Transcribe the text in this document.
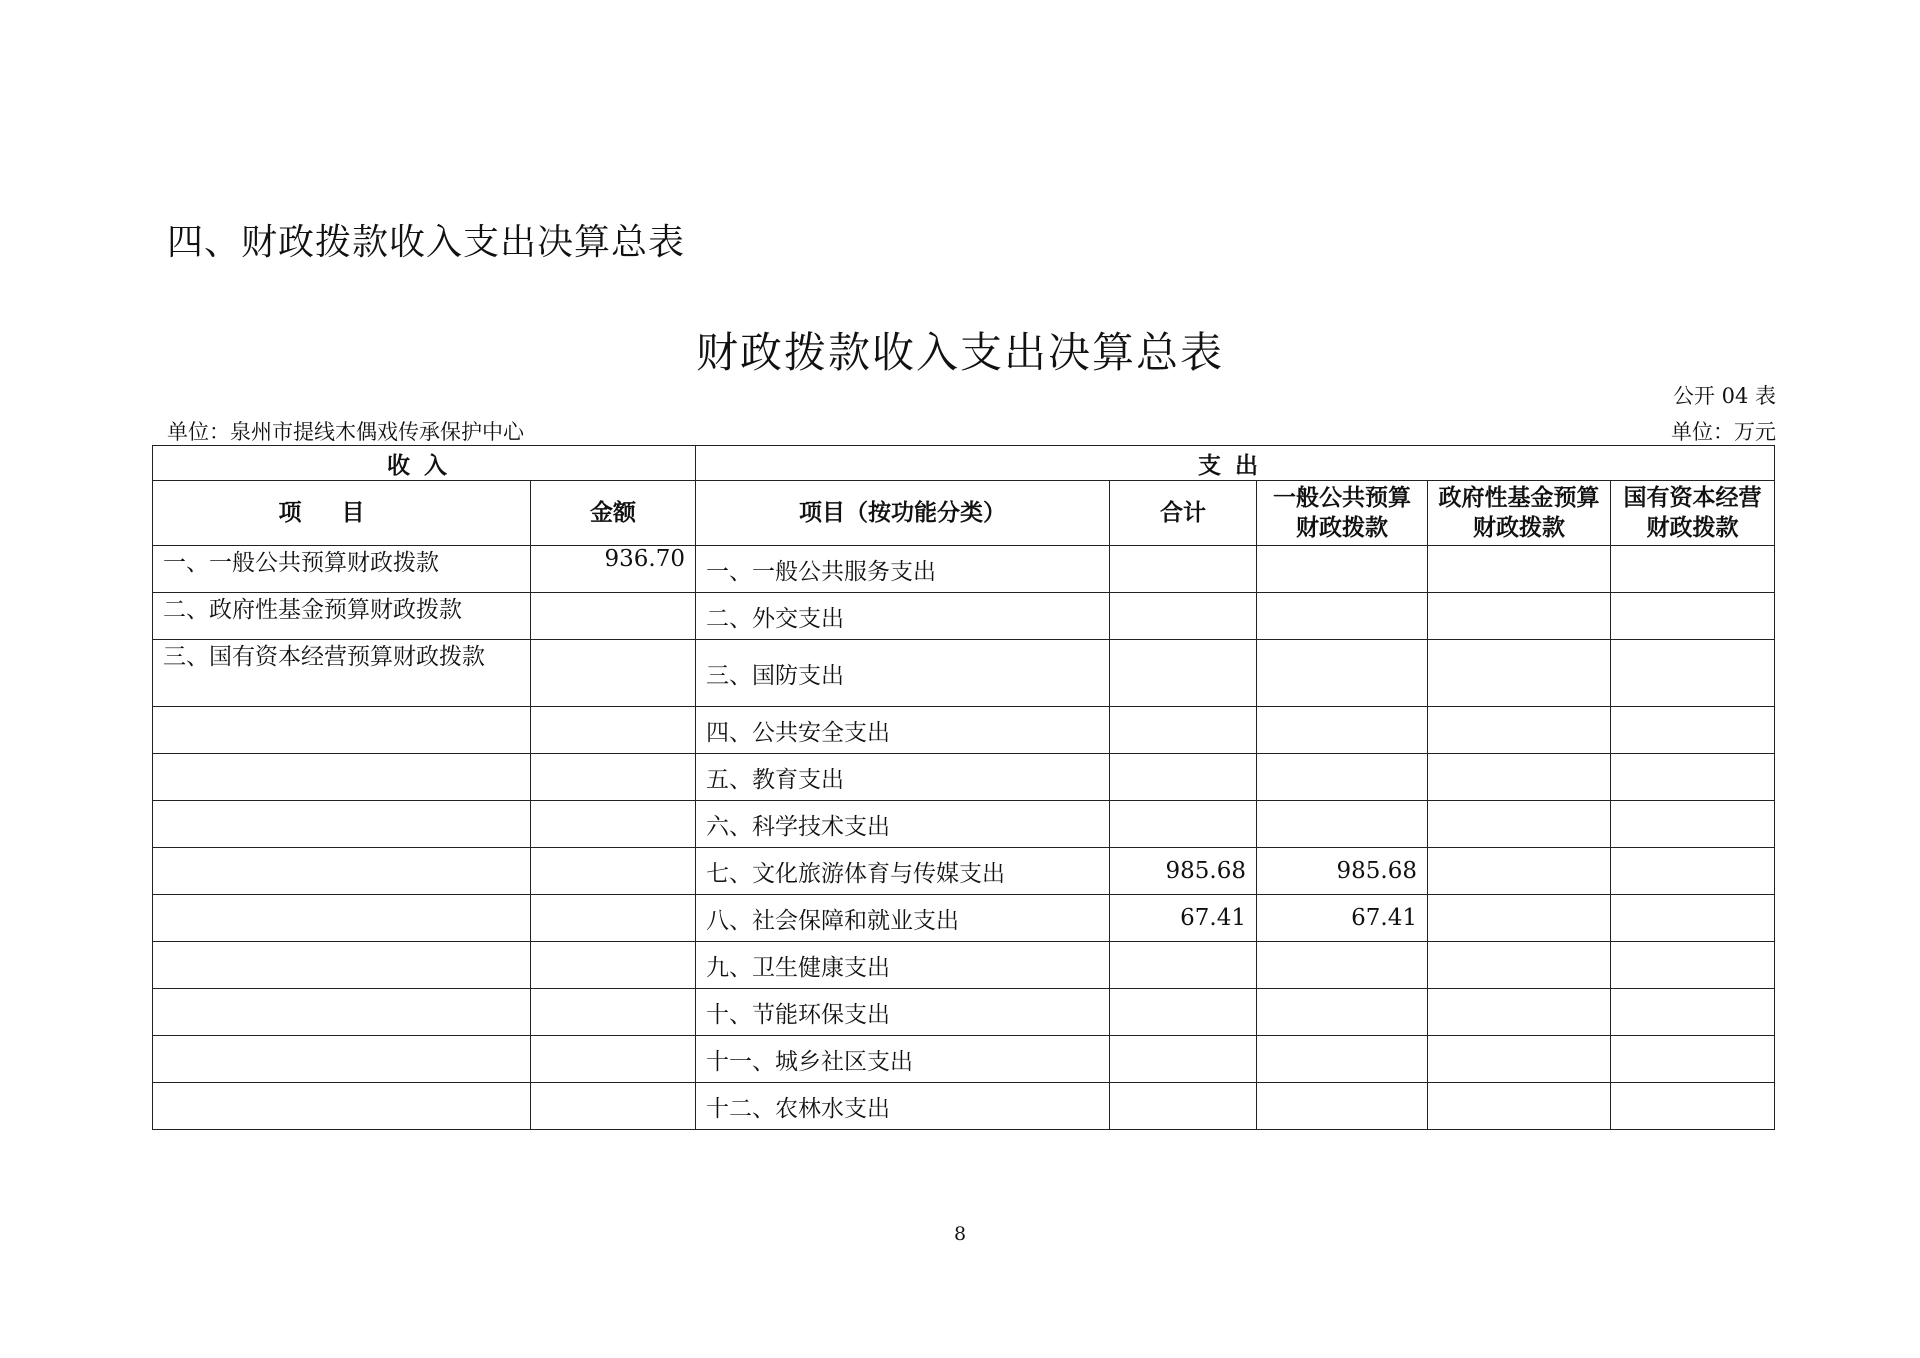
四、财政拨款收入支出决算总表
财政拨款收入支出决算总表
公开 04 表
单位：泉州市提线木偶戏传承保护中心	单位：万元
收入		支出				
项目	金额	项目（按功能分类）	合计	一般公共预算财政拨款	政府性基金预算财政拨款	国有资本经营财政拨款
一、一般公共预算财政拨款	936.70	一、一般公共服务支出				
二、政府性基金预算财政拨款		二、外交支出				
三、国有资本经营预算财政拨款		三、国防支出				
		四、公共安全支出				
		五、教育支出				
		六、科学技术支出				
		七、文化旅游体育与传媒支出	985.68	985.68		
		八、社会保障和就业支出	67.41	67.41		
		九、卫生健康支出				
		十、节能环保支出				
		十一、城乡社区支出				
		十二、农林水支出				
8
